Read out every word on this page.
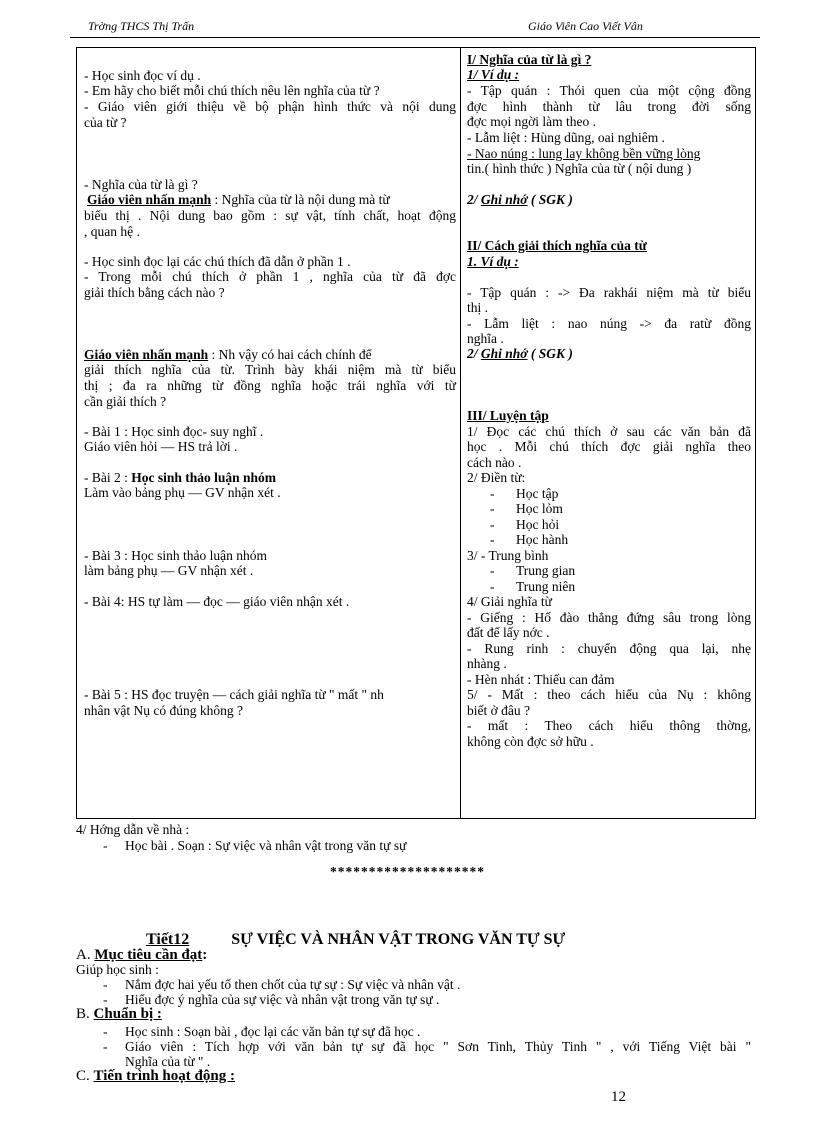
Trờng THCS Thị Trấn	Giáo Viên Cao Viết Vân
- Học sinh đọc ví dụ .
- Em hãy cho biết mỗi chú thích nêu lên nghĩa của từ ?
- Giáo viên giới thiệu về bộ phận hình thức và nội dung
của từ ?
- Nghĩa của từ là gì ?
Giáo viên nhấn mạnh : Nghĩa của từ là nội dung mà từ
biểu thị . Nội dung bao gồm : sự vật, tính chất, hoạt động
, quan hệ .
- Học sinh đọc lại các chú thích đã dẫn ở phần 1 .
- Trong mỗi chú thích ở phần 1 , nghĩa của từ đã đợc
giải thích bằng cách nào ?
Giáo viên nhấn mạnh : Nh vậy có hai cách chính để
giải thích nghĩa của từ. Trình bày khái niệm mà từ biểu
thị ; đa ra những từ đồng nghĩa hoặc trái nghĩa với từ
cần giải thích ?
- Bài 1 : Học sinh đọc- suy nghĩ .
Giáo viên hỏi — HS trả lời .
- Bài 2 : Học sinh thảo luận nhóm
Làm vào bảng phụ — GV nhận xét .
- Bài 3 : Học sinh thảo luận nhóm
làm bảng phụ — GV nhận xét .
- Bài 4: HS tự làm — đọc — giáo viên nhận xét .
- Bài 5 : HS đọc truyện — cách giải nghĩa từ " mất " nh
nhân vật Nụ có đúng không ?
I/ Nghĩa của từ là gì ?
1/ Ví dụ :
- Tập quán : Thói quen của một cộng đồng
đợc hình thành từ lâu trong đời sống
đợc mọi ngời làm theo .
- Lẫm liệt : Hùng dũng, oai nghiêm .
- Nao núng : lung lay không bền vững lòng
tin.( hình thức ) Nghĩa của từ ( nội dung )
2/ Ghi nhớ ( SGK )
II/ Cách giải thích nghĩa của từ
1. Ví dụ :
- Tập quán : -> Đa rakhái niệm mà từ biểu
thị .
- Lẫm liệt : nao núng -> đa ratừ đồng
nghĩa .
2/ Ghi nhớ ( SGK )
III/ Luyện tập
1/ Đọc các chú thích ở sau các văn bản đã
học . Mỗi chú thích đợc giải nghĩa theo
cách nào .
2/ Điền từ:
- Học tập
- Học lỏm
- Học hỏi
- Học hành
3/ - Trung bình
- Trung gian
- Trung niên
4/ Giải nghĩa từ
- Giếng : Hố đào thẳng đứng sâu trong lòng
đất để lấy nớc .
- Rung rinh : chuyển động qua lại, nhẹ
nhàng .
- Hèn nhát : Thiếu can đảm
5/ - Mất : theo cách hiểu của Nụ : không
biết ở đâu ?
- mất : Theo cách hiểu thông thờng,
không còn đợc sở hữu .
4/ Hớng dẫn về nhà :
- Học bài . Soạn : Sự việc và nhân vật trong văn tự sự
********************
Tiết12	SỰ VIỆC VÀ NHÂN VẬT TRONG VĂN TỰ SỰ
A. Mục tiêu cần đạt:
Giúp học sinh :
- Nắm đợc hai yếu tố then chốt của tự sự : Sự việc và nhân vật .
- Hiểu đợc ý nghĩa của sự việc và nhân vật trong văn tự sự .
B. Chuẩn bị :
- Học sinh : Soạn bài , đọc lại các văn bản tự sự đã học .
- Giáo viên : Tích hợp với văn bản tự sự đã học " Sơn Tinh, Thủy Tinh " , với Tiếng Việt bài "
Nghĩa của từ " .
C. Tiến trình hoạt động :
12
